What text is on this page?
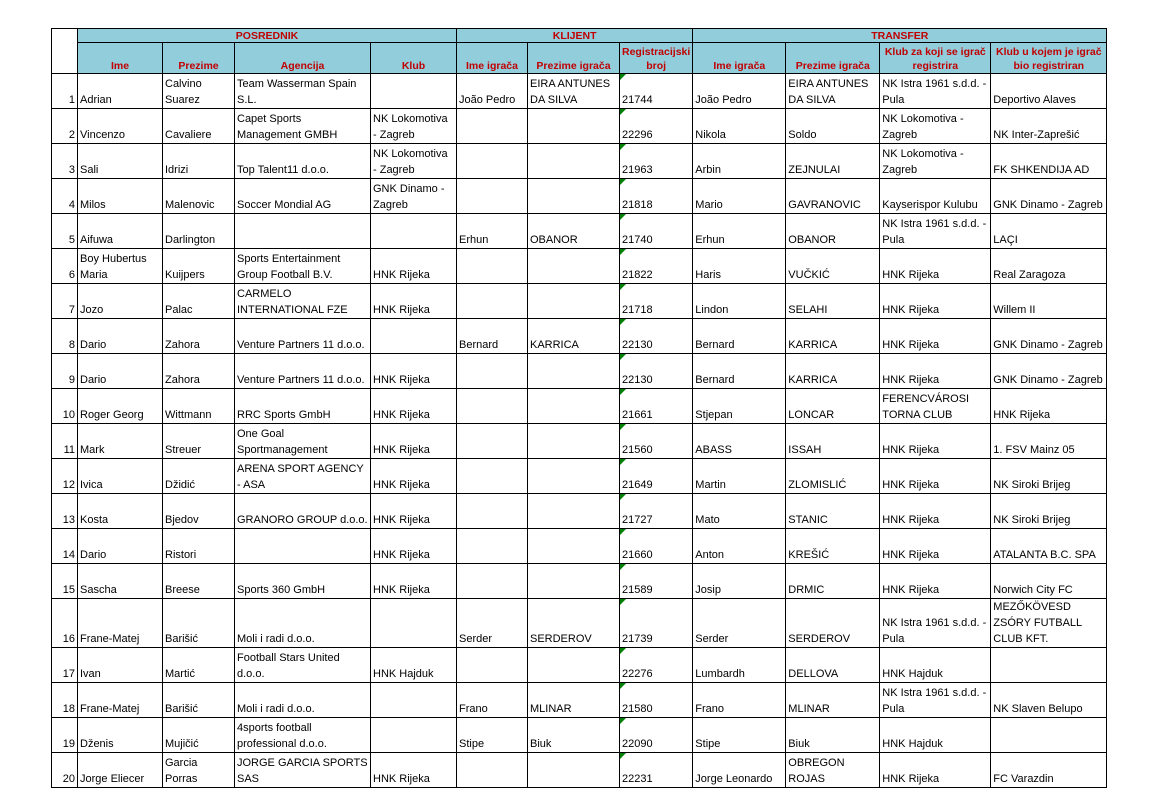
	POSREDNIK				KLIJENT			TRANSFER			
	Ime	Prezime	Agencija	Klub	Ime igrača	Prezime igrača	Registracijski broj	Ime igrača	Prezime igrača	Klub za koji se igrač registrira	Klub u kojem je igrač bio registriran
1	Adrian	Calvino Suarez	Team Wasserman Spain S.L.		João Pedro	EIRA ANTUNES DA SILVA	21744	João Pedro	EIRA ANTUNES DA SILVA	NK Istra 1961 s.d.d. - Pula	Deportivo Alaves
2	Vincenzo	Cavaliere	Capet Sports Management GMBH	NK Lokomotiva - Zagreb			22296	Nikola	Soldo	NK Lokomotiva - Zagreb	NK Inter-Zaprešić
3	Sali	Idrizi	Top Talent11 d.o.o.	NK Lokomotiva - Zagreb			21963	Arbin	ZEJNULAI	NK Lokomotiva - Zagreb	FK SHKENDIJA AD
4	Milos	Malenovic	Soccer Mondial AG	GNK Dinamo - Zagreb			21818	Mario	GAVRANOVIC	Kayserispor Kulubu	GNK Dinamo - Zagreb
5	Aifuwa	Darlington			Erhun	OBANOR	21740	Erhun	OBANOR	NK Istra 1961 s.d.d. - Pula	LAÇI
6	Boy Hubertus Maria	Kuijpers	Sports Entertainment Group Football B.V.	HNK Rijeka			21822	Haris	VUČKIĆ	HNK Rijeka	Real Zaragoza
7	Jozo	Palac	CARMELO INTERNATIONAL FZE	HNK Rijeka			21718	Lindon	SELAHI	HNK Rijeka	Willem II
8	Dario	Zahora	Venture Partners 11 d.o.o.		Bernard	KARRICA	22130	Bernard	KARRICA	HNK Rijeka	GNK Dinamo - Zagreb
9	Dario	Zahora	Venture Partners 11 d.o.o.	HNK Rijeka			22130	Bernard	KARRICA	HNK Rijeka	GNK Dinamo - Zagreb
10	Roger Georg	Wittmann	RRC Sports GmbH	HNK Rijeka			21661	Stjepan	LONCAR	FERENCVÁROSI TORNA CLUB	HNK Rijeka
11	Mark	Streuer	One Goal Sportmanagement	HNK Rijeka			21560	ABASS	ISSAH	HNK Rijeka	1. FSV Mainz 05
12	Ivica	Džidić	ARENA SPORT AGENCY - ASA	HNK Rijeka			21649	Martin	ZLOMISLIĆ	HNK Rijeka	NK Siroki Brijeg
13	Kosta	Bjedov	GRANORO GROUP d.o.o.	HNK Rijeka			21727	Mato	STANIC	HNK Rijeka	NK Siroki Brijeg
14	Dario	Ristori		HNK Rijeka			21660	Anton	KREŠIĆ	HNK Rijeka	ATALANTA B.C. SPA
15	Sascha	Breese	Sports 360 GmbH	HNK Rijeka			21589	Josip	DRMIC	HNK Rijeka	Norwich City FC
16	Frane-Matej	Barišić	Moli i radi d.o.o.		Serder	SERDEROV	21739	Serder	SERDEROV	NK Istra 1961 s.d.d. - Pula	MEZŐKÖVESD ZSÓRY FUTBALL CLUB KFT.
17	Ivan	Martić	Football Stars United d.o.o.	HNK Hajduk			22276	Lumbardh	DELLOVA	HNK Hajduk	
18	Frane-Matej	Barišić	Moli i radi d.o.o.		Frano	MLINAR	21580	Frano	MLINAR	NK Istra 1961 s.d.d. - Pula	NK Slaven Belupo
19	Dženis	Mujičić	4sports football professional d.o.o.		Stipe	Biuk	22090	Stipe	Biuk	HNK Hajduk	
20	Jorge Eliecer	Garcia Porras	JORGE GARCIA SPORTS SAS	HNK Rijeka			22231	Jorge Leonardo	OBREGON ROJAS	HNK Rijeka	FC Varazdin
